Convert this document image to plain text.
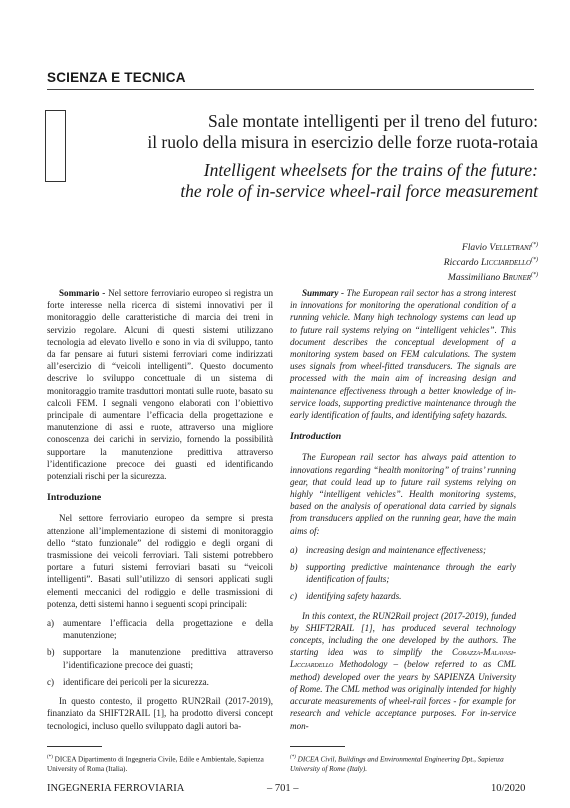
SCIENZA E TECNICA
Sale montate intelligenti per il treno del futuro:
il ruolo della misura in esercizio delle forze ruota-rotaia
Intelligent wheelsets for the trains of the future:
the role of in-service wheel-rail force measurement
Flavio Velletrani(*)
Riccardo Licciardello(*)
Massimiliano Bruner(*)

Sommario - Nel settore ferroviario europeo si registra un forte interesse nella ricerca di sistemi innovativi per il monitoraggio delle caratteristiche di marcia dei treni in servizio regolare. Alcuni di questi sistemi utilizzano tecnologia ad elevato livello e sono in via di sviluppo, tanto da far pensare ai futuri sistemi ferroviari come indirizzati all’esercizio di “veicoli intelligenti”. Questo documento descrive lo sviluppo concettuale di un sistema di monitoraggio tramite trasduttori montati sulle ruote, basato su calcoli FEM. I segnali vengono elaborati con l’obiettivo principale di aumentare l’efficacia della progettazione e manutenzione di assi e ruote, attraverso una migliore conoscenza dei carichi in servizio, fornendo la possibilità supportare la manutenzione predittiva attraverso l’identificazione precoce dei guasti ed identificando potenziali rischi per la sicurezza.

Introduzione

Nel settore ferroviario europeo da sempre si presta attenzione all’implementazione di sistemi di monitoraggio dello “stato funzionale” del rodiggio e degli organi di trasmissione dei veicoli ferroviari. Tali sistemi potrebbero portare a futuri sistemi ferroviari basati su “veicoli intelligenti”. Basati sull’utilizzo di sensori applicati sugli elementi meccanici del rodiggio e delle trasmissioni di potenza, detti sistemi hanno i seguenti scopi principali:

a) aumentare l’efficacia della progettazione e della manutenzione;
b) supportare la manutenzione predittiva attraverso l’identificazione precoce dei guasti;
c) identificare dei pericoli per la sicurezza.

In questo contesto, il progetto RUN2Rail (2017-2019), finanziato da SHIFT2RAIL [1], ha prodotto diversi concept tecnologici, incluso quello sviluppato dagli autori ba-

Summary - The European rail sector has a strong interest in innovations for monitoring the operational condition of a running vehicle. Many high technology systems can lead up to future rail systems relying on “intelligent vehicles”. This document describes the conceptual development of a monitoring system based on FEM calculations. The system uses signals from wheel-fitted transducers. The signals are processed with the main aim of increasing design and maintenance effectiveness through a better knowledge of in-service loads, supporting predictive maintenance through the early identification of faults, and identifying safety hazards.

Introduction

The European rail sector has always paid attention to innovations regarding “health monitoring” of trains’ running gear, that could lead up to future rail systems relying on highly “intelligent vehicles”. Health monitoring systems, based on the analysis of operational data carried by signals from transducers applied on the running gear, have the main aims of:

a) increasing design and maintenance effectiveness;
b) supporting predictive maintenance through the early identification of faults;
c) identifying safety hazards.

In this context, the RUN2Rail project (2017-2019), funded by SHIFT2RAIL [1], has produced several technology concepts, including the one developed by the authors. The starting idea was to simplify the Corazza-Malavasi-Licciardello Methodology – (below referred to as CML method) developed over the years by SAPIENZA University of Rome. The CML method was originally intended for highly accurate measurements of wheel-rail forces - for example for research and vehicle acceptance purposes. For in-service mon-

(*) DICEA Dipartimento di Ingegneria Civile, Edile e Ambientale, Sapienza University of Roma (Italia).
(*) DICEA Civil, Buildings and Environmental Engineering Dpt., Sapienza University of Rome (Italy).
INGEGNERIA FERROVIARIA	– 701 –	10/2020
